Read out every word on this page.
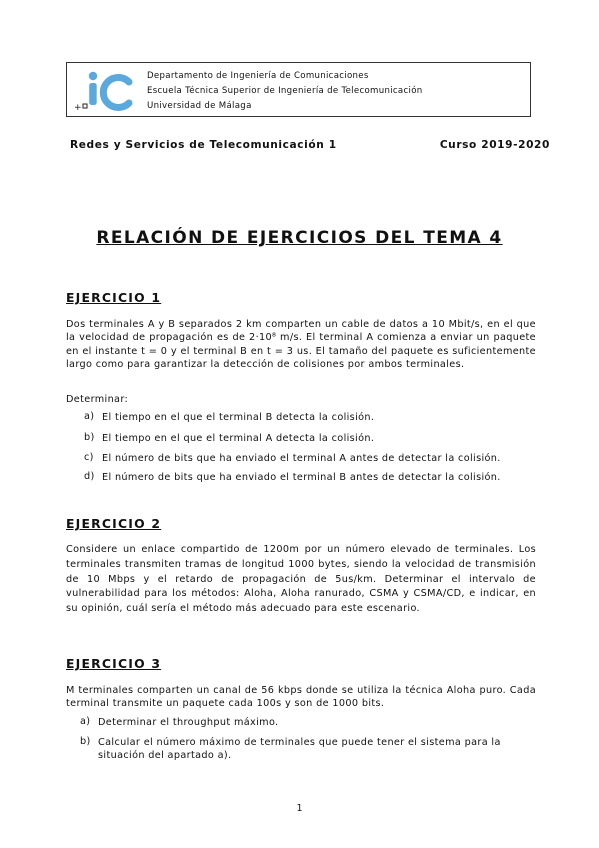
+
Departamento de Ingeniería de Comunicaciones
Escuela Técnica Superior de Ingeniería de Telecomunicación
Universidad de Málaga
Redes y Servicios de Telecomunicación 1	Curso 2019-2020
RELACIÓN DE EJERCICIOS DEL TEMA 4
EJERCICIO 1
Dos terminales A y B separados 2 km comparten un cable de datos a 10 Mbit/s, en el que la velocidad de propagación es de 2·10⁸ m/s. El terminal A comienza a enviar un paquete en el instante t = 0 y el terminal B en t = 3 us. El tamaño del paquete es suficientemente largo como para garantizar la detección de colisiones por ambos terminales.
Determinar:
a) El tiempo en el que el terminal B detecta la colisión.
b) El tiempo en el que el terminal A detecta la colisión.
c) El número de bits que ha enviado el terminal A antes de detectar la colisión.
d) El número de bits que ha enviado el terminal B antes de detectar la colisión.
EJERCICIO 2
Considere un enlace compartido de 1200m por un número elevado de terminales. Los terminales transmiten tramas de longitud 1000 bytes, siendo la velocidad de transmisión de 10 Mbps y el retardo de propagación de 5us/km. Determinar el intervalo de vulnerabilidad para los métodos: Aloha, Aloha ranurado, CSMA y CSMA/CD, e indicar, en su opinión, cuál sería el método más adecuado para este escenario.
EJERCICIO 3
M terminales comparten un canal de 56 kbps donde se utiliza la técnica Aloha puro. Cada terminal transmite un paquete cada 100s y son de 1000 bits.
a) Determinar el throughput máximo.
b) Calcular el número máximo de terminales que puede tener el sistema para la situación del apartado a).
1
